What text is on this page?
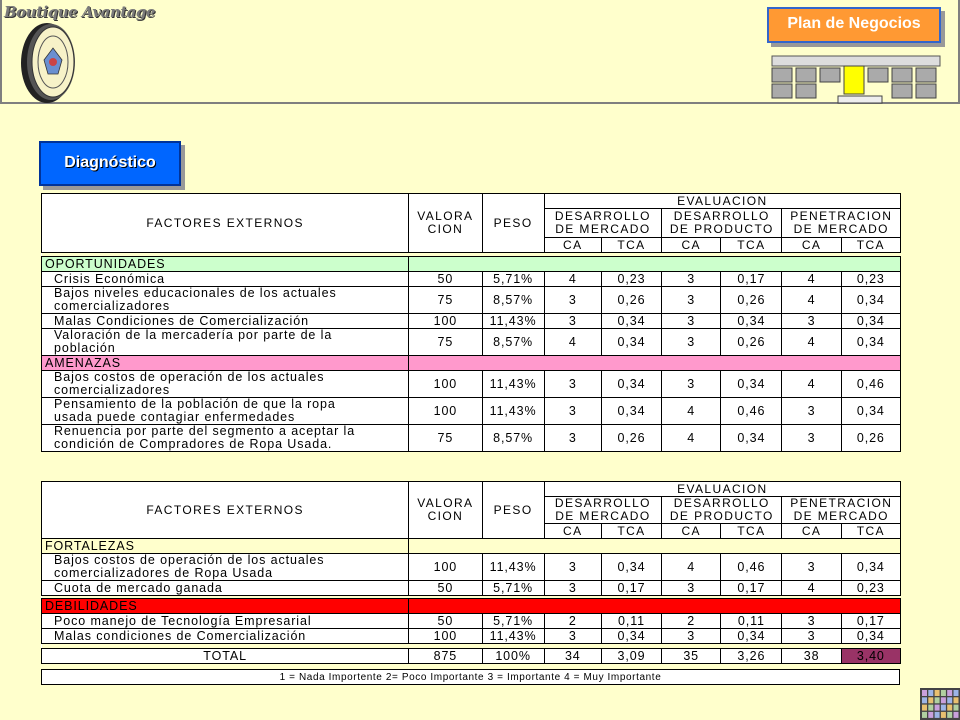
Boutique Avantage
Plan de Negocios
Diagnóstico
FACTORES EXTERNOS	VALORA
CION	PESO	EVALUACION					
			DESARROLLO
DE MERCADO		DESARROLLO
DE PRODUCTO		PENETRACION
DE MERCADO	
			CA	TCA	CA	TCA	CA	TCA

OPORTUNIDADES								
Crisis Económica	50	5,71%	4	0,23	3	0,17	4	0,23
Bajos niveles educacionales de los actuales
comercializadores	75	8,57%	3	0,26	3	0,26	4	0,34
Malas Condiciones de Comercialización	100	11,43%	3	0,34	3	0,34	3	0,34
Valoración de la mercadería por parte de la
población	75	8,57%	4	0,34	3	0,26	4	0,34
AMENAZAS								
Bajos costos de operación de los actuales
comercializadores	100	11,43%	3	0,34	3	0,34	4	0,46
Pensamiento de la población de que la ropa
usada puede contagiar enfermedades	100	11,43%	3	0,34	4	0,46	3	0,34
Renuencia por parte del segmento a aceptar la
condición de Compradores de Ropa Usada.	75	8,57%	3	0,26	4	0,34	3	0,26
FACTORES EXTERNOS	VALORA
CION	PESO	EVALUACION					
			DESARROLLO
DE MERCADO		DESARROLLO
DE PRODUCTO		PENETRACION
DE MERCADO	
			CA	TCA	CA	TCA	CA	TCA
FORTALEZAS								
Bajos costos de operación de los actuales
comercializadores de Ropa Usada	100	11,43%	3	0,34	4	0,46	3	0,34
Cuota de mercado ganada	50	5,71%	3	0,17	3	0,17	4	0,23

DEBILIDADES								
Poco manejo de Tecnología Empresarial	50	5,71%	2	0,11	2	0,11	3	0,17
Malas condiciones de Comercialización	100	11,43%	3	0,34	3	0,34	3	0,34

TOTAL	875	100%	34	3,09	35	3,26	38	3,40
1 = Nada Importente 2= Poco Importante 3 = Importante 4 = Muy Importante
